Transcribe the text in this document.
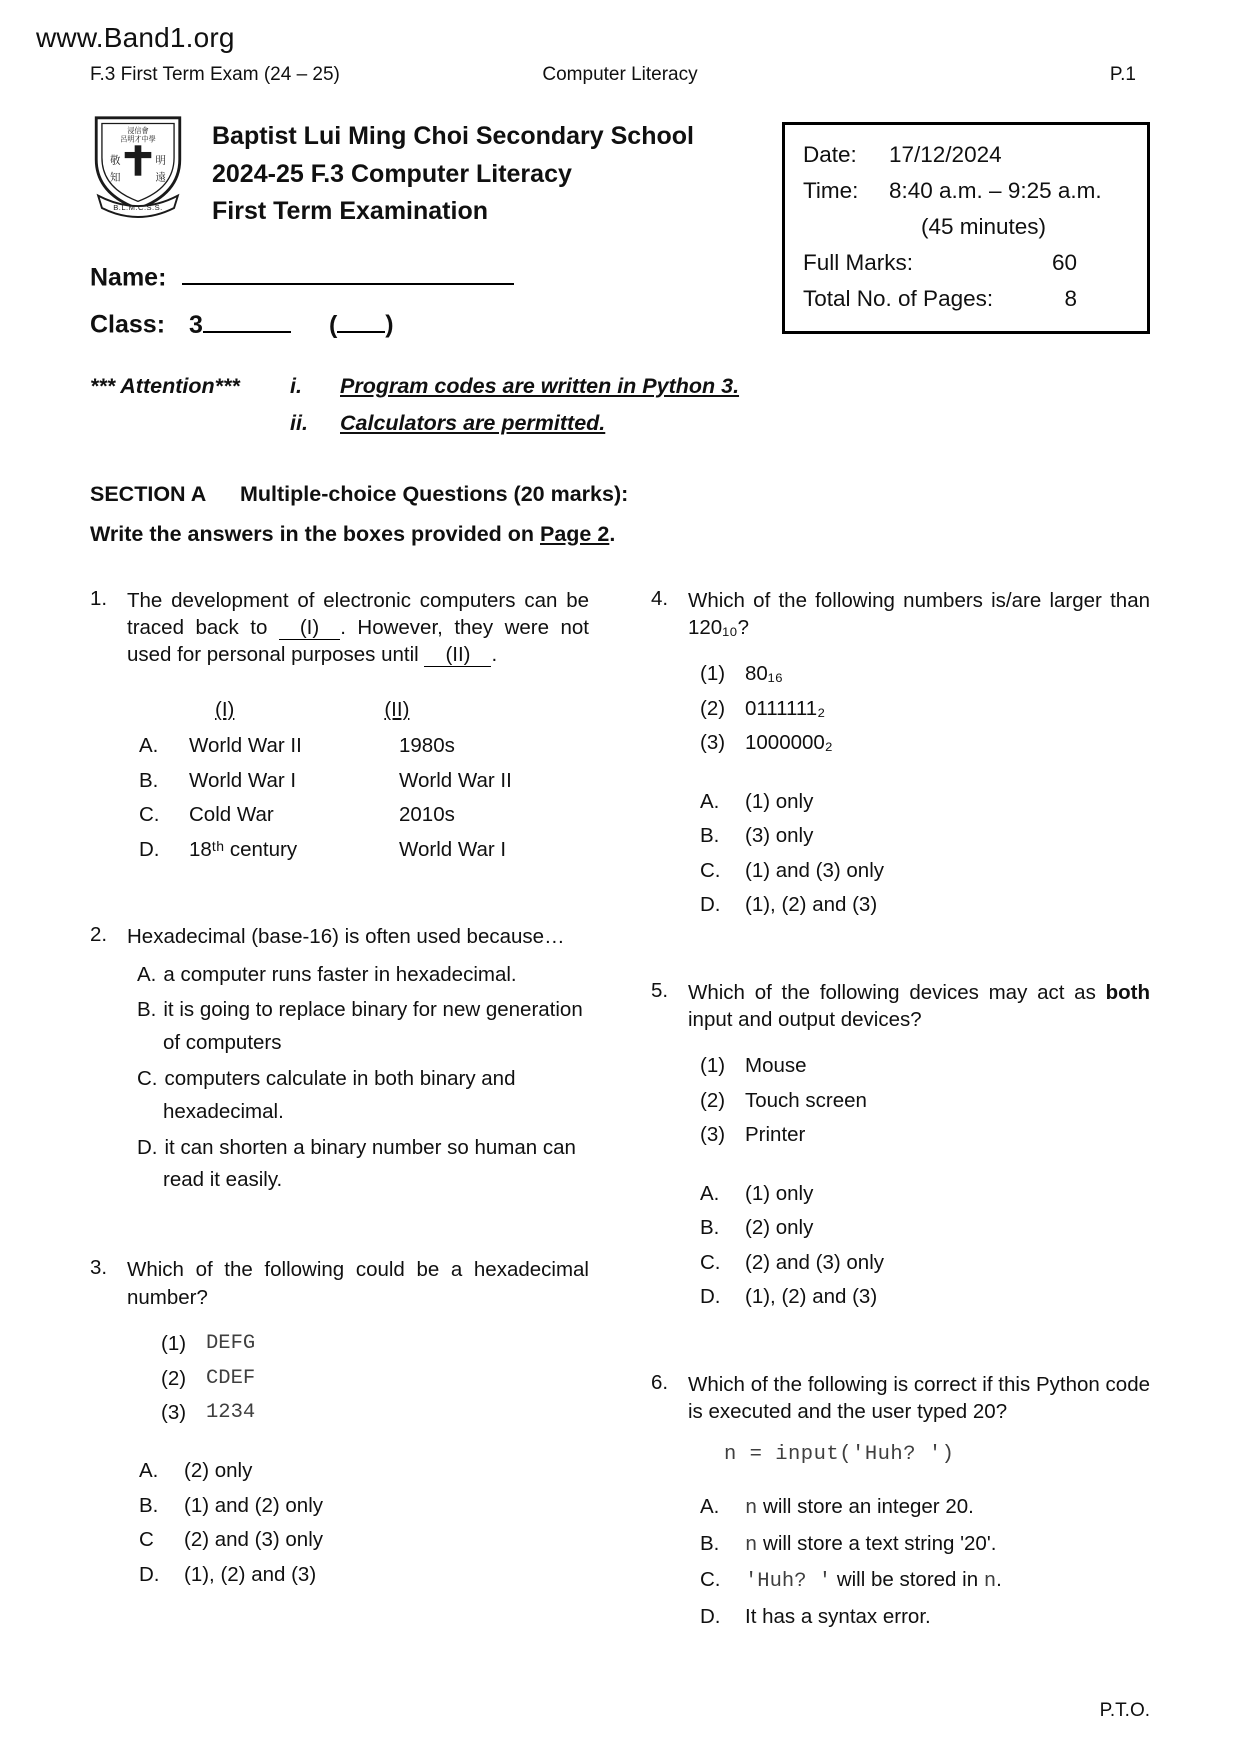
www.Band1.org
F.3 First Term Exam (24 – 25)	Computer Literacy	P.1
Date:	17/12/2024
Time:	8:40 a.m. – 9:25 a.m.
(45 minutes)
Full Marks:	60
Total No. of Pages:	8
浸信會
呂明才中學
敬	明
知	遠
B.L.M.C.S.S.
Baptist Lui Ming Choi Secondary School
2024-25 F.3 Computer Literacy
First Term Examination
Name:
Class: 3	( )
*** Attention***	i.	Program codes are written in Python 3.
ii.	Calculators are permitted.
SECTION A	Multiple-choice Questions (20 marks):
Write the answers in the boxes provided on Page 2.
1. The development of electronic computers can be traced back to (I) . However, they were not used for personal purposes until (II) .

(I)	(II)
A.	World War II	1980s
B.	World War I	World War II
C.	Cold War	2010s
D.	18ᵗʰ century	World War I
2. Hexadecimal (base-16) is often used because…

A. a computer runs faster in hexadecimal.
B. it is going to replace binary for new generation of computers
C. computers calculate in both binary and hexadecimal.
D. it can shorten a binary number so human can read it easily.
3. Which of the following could be a hexadecimal number?

(1) DEFG
(2) CDEF
(3) 1234
A.	(2) only
B.	(1) and (2) only
C	(2) and (3) only
D.	(1), (2) and (3)
4. Which of the following numbers is/are larger than 120₁₀?

(1) 80₁₆
(2) 0111111₂
(3) 1000000₂
A.	(1) only
B.	(3) only
C.	(1) and (3) only
D.	(1), (2) and (3)
5. Which of the following devices may act as both input and output devices?

(1) Mouse
(2) Touch screen
(3) Printer
A.	(1) only
B.	(2) only
C.	(2) and (3) only
D.	(1), (2) and (3)
6. Which of the following is correct if this Python code is executed and the user typed 20?

n = input('Huh? ')
A.	n will store an integer 20.
B.	n will store a text string '20'.
C.	'Huh? ' will be stored in n.
D.	It has a syntax error.
P.T.O.
